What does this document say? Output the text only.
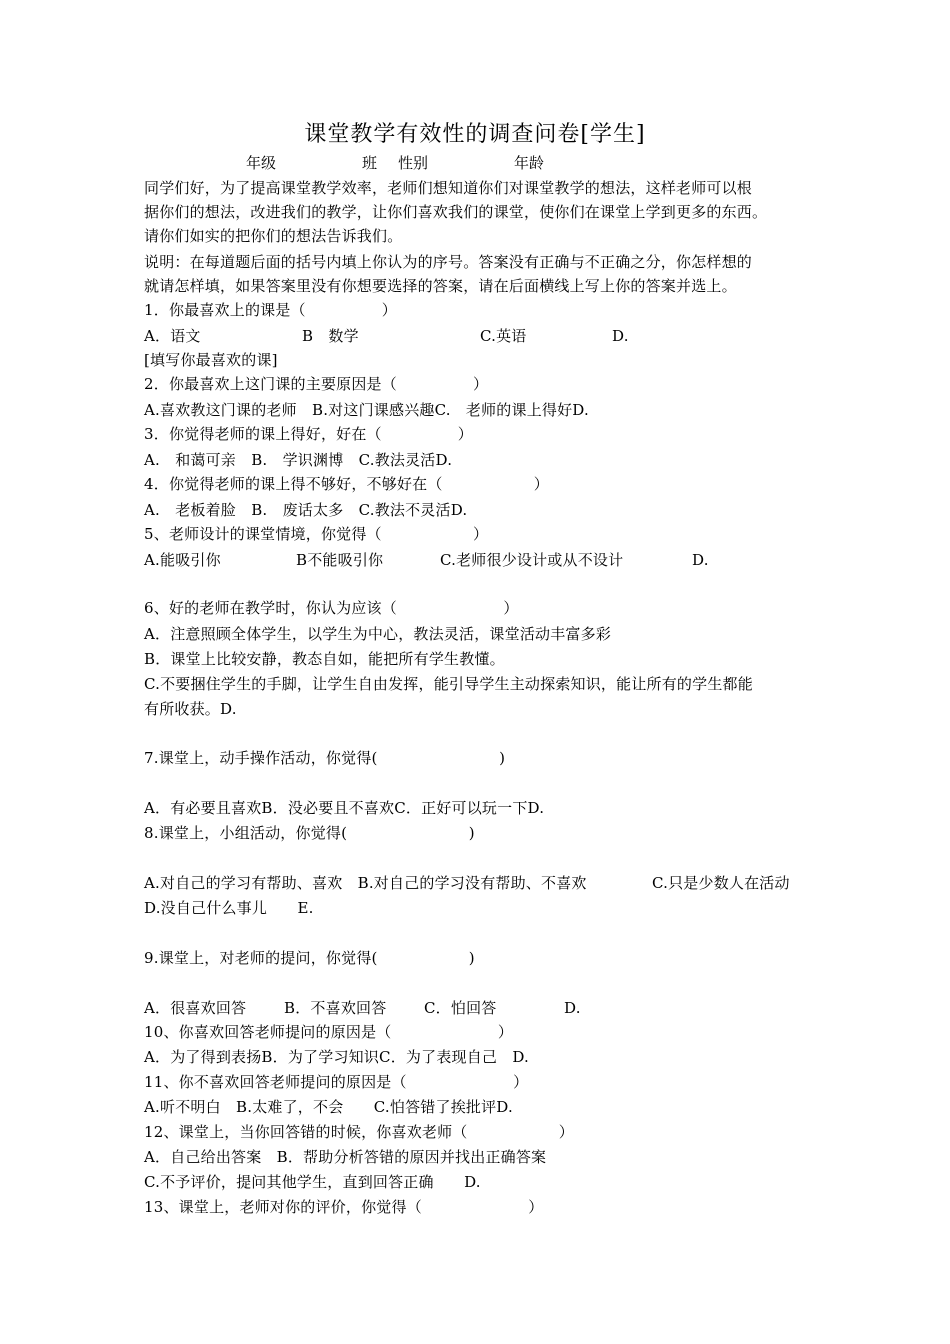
课堂教学有效性的调查问卷[学生]
年级	班 性别	年龄
同学们好，为了提高课堂教学效率，老师们想知道你们对课堂教学的想法，这样老师可以根
据你们的想法，改进我们的教学，让你们喜欢我们的课堂，使你们在课堂上学到更多的东西。
请你们如实的把你们的想法告诉我们。
说明：在每道题后面的括号内填上你认为的序号。答案没有正确与不正确之分，你怎样想的
就请怎样填，如果答案里没有你想要选择的答案，请在后面横线上写上你的答案并选上。
1．你最喜欢上的课是（　　　　　）
A．语文	B　数学	C.英语	D.
[填写你最喜欢的课]
2．你最喜欢上这门课的主要原因是（　　　　　）
A.喜欢教这门课的老师　B.对这门课感兴趣C.　老师的课上得好D.
3．你觉得老师的课上得好，好在（　　　　　）
A.　和蔼可亲　B.　学识渊博　C.教法灵活D.
4．你觉得老师的课上得不够好，不够好在（　　　　　　）
A.　老板着脸　B.　废话太多　C.教法不灵活D.
5、老师设计的课堂情境，你觉得（　　　　　　）
A.能吸引你	B不能吸引你	C.老师很少设计或从不设计	D.
6、好的老师在教学时，你认为应该（　　　　　　　）
A．注意照顾全体学生，以学生为中心，教法灵活，课堂活动丰富多彩
B．课堂上比较安静，教态自如，能把所有学生教懂。
C.不要捆住学生的手脚，让学生自由发挥，能引导学生主动探索知识，能让所有的学生都能
有所收获。D.
7.课堂上，动手操作活动，你觉得(　　　　　　　　)
A．有必要且喜欢B．没必要且不喜欢C．正好可以玩一下D.
8.课堂上，小组活动，你觉得(　　　　　　　　)
A.对自己的学习有帮助、喜欢　B.对自己的学习没有帮助、不喜欢	C.只是少数人在活动
D.没自己什么事儿　　E.
9.课堂上，对老师的提问，你觉得(　　　　　　)
A．很喜欢回答	B．不喜欢回答	C．怕回答	D.
10、你喜欢回答老师提问的原因是（　　　　　　　）
A．为了得到表扬B．为了学习知识C．为了表现自己　D.
11、你不喜欢回答老师提问的原因是（　　　　　　　）
A.听不明白　B.太难了，不会　　C.怕答错了挨批评D.
12、课堂上，当你回答错的时候，你喜欢老师（　　　　　　）
A．自己给出答案　B．帮助分析答错的原因并找出正确答案
C.不予评价，提问其他学生，直到回答正确　　D.
13、课堂上，老师对你的评价，你觉得（　　　　　　　）
